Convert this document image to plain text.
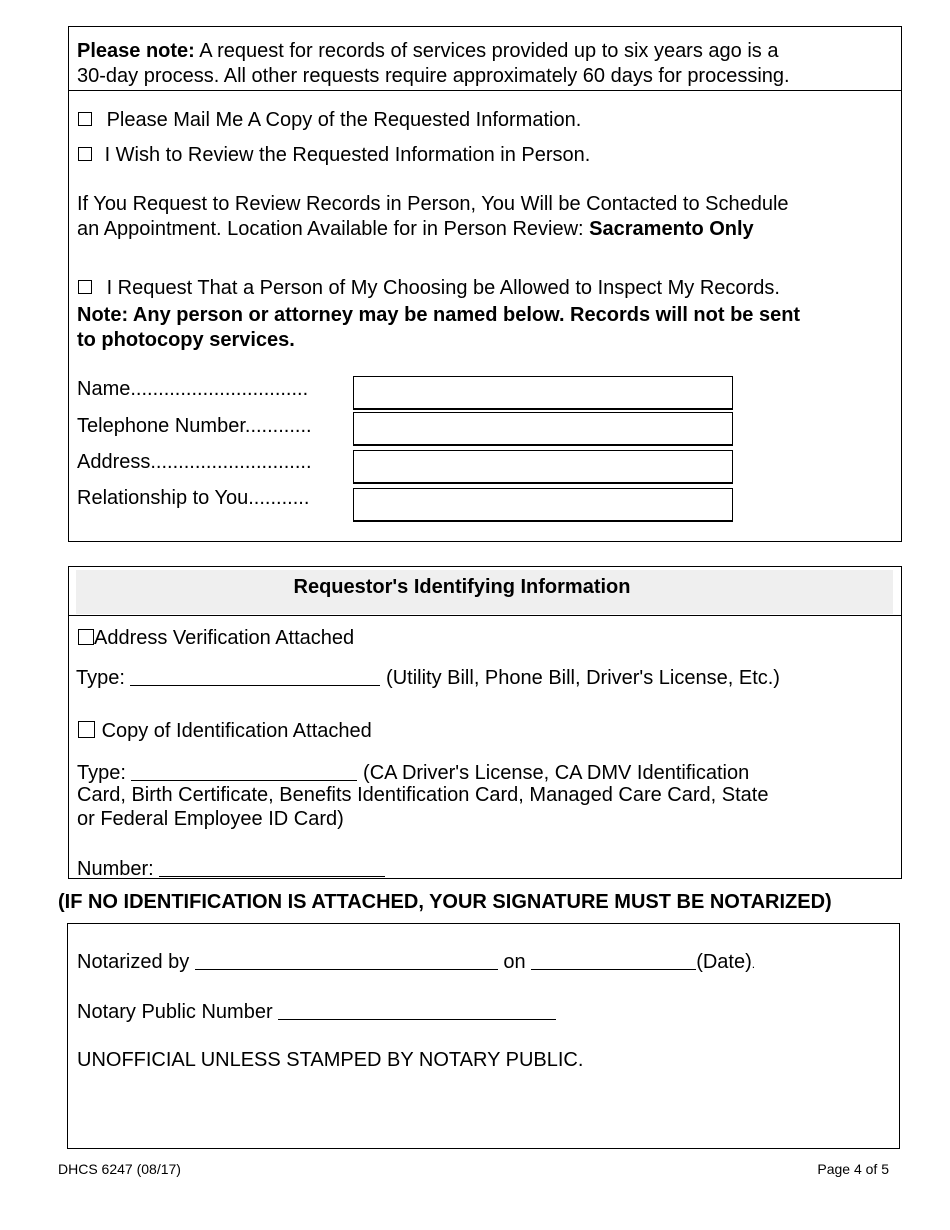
Please note: A request for records of services provided up to six years ago is a
30-day process. All other requests require approximately 60 days for processing.
Please Mail Me A Copy of the Requested Information.
I Wish to Review the Requested Information in Person.
If You Request to Review Records in Person, You Will be Contacted to Schedule
an Appointment. Location Available for in Person Review: Sacramento Only
I Request That a Person of My Choosing be Allowed to Inspect My Records.
Note: Any person or attorney may be named below. Records will not be sent
to photocopy services.
Name................................
Telephone Number............
Address.............................
Relationship to You...........
Requestor's Identifying Information
Address Verification Attached
Type:	(Utility Bill, Phone Bill, Driver's License, Etc.)
Copy of Identification Attached
Type:	(CA Driver's License, CA DMV Identification
Card, Birth Certificate, Benefits Identification Card, Managed Care Card, State
or Federal Employee ID Card)
Number:
(IF NO IDENTIFICATION IS ATTACHED, YOUR SIGNATURE MUST BE NOTARIZED)
Notarized by	on	(Date).
Notary Public Number
UNOFFICIAL UNLESS STAMPED BY NOTARY PUBLIC.
DHCS 6247 (08/17)	Page 4 of 5
